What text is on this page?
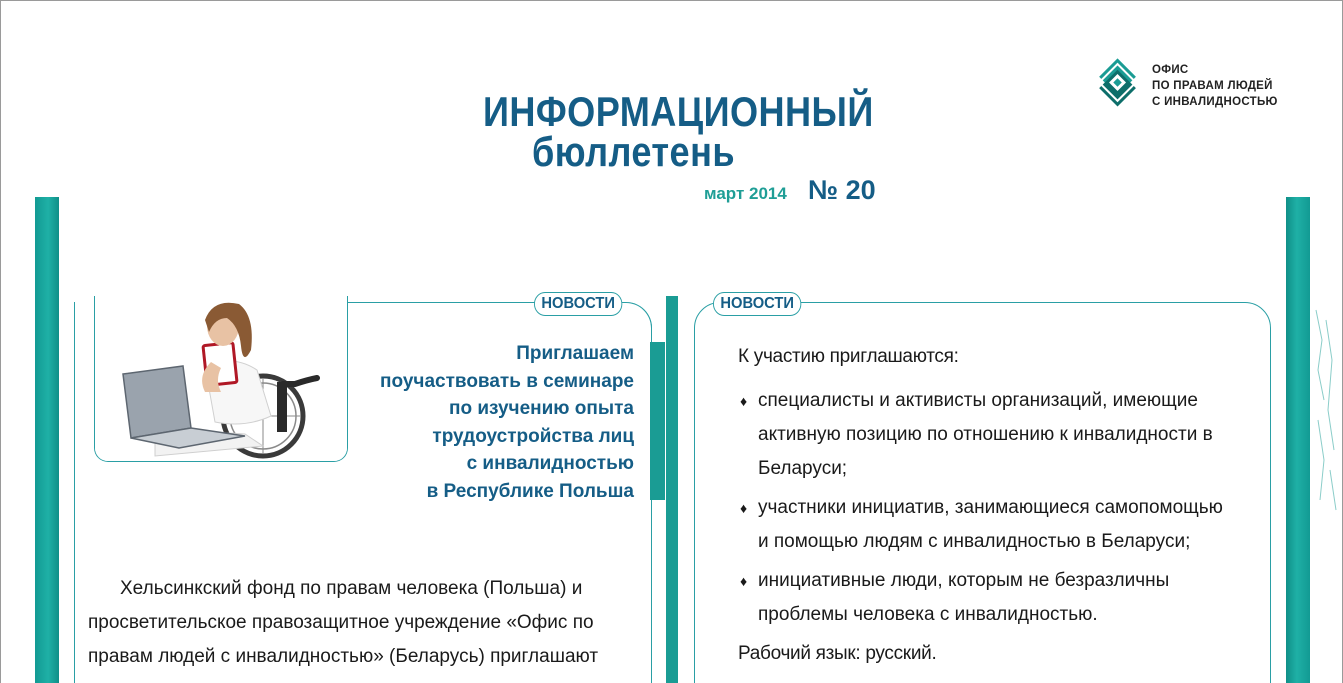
ИНФОРМАЦИОННЫЙ
бюллетень
март 2014 № 20
ОФИС
ПО ПРАВАМ ЛЮДЕЙ
С ИНВАЛИДНОСТЬЮ
НОВОСТИ	НОВОСТИ
Приглашаем
поучаствовать в семинаре
по изучению опыта
трудоустройства лиц
с инвалидностью
в Республике Польша
Хельсинкский фонд по правам человека (Польша) и
просветительское правозащитное учреждение «Офис по
правам людей с инвалидностью» (Беларусь) приглашают
К участию приглашаются:
♦ специалисты и активисты организаций, имеющие
активную позицию по отношению к инвалидности в
Беларуси;
♦ участники инициатив, занимающиеся самопомощью
и помощью людям с инвалидностью в Беларуси;
♦ инициативные люди, которым не безразличны
проблемы человека с инвалидностью.
Рабочий язык: русский.
